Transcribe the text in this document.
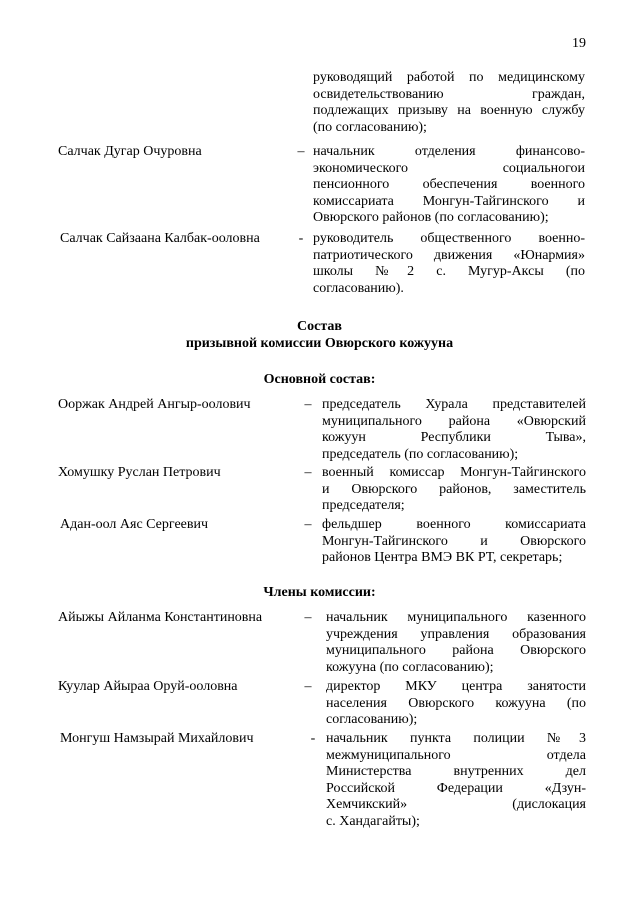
19
руководящий работой по медицинскому
освидетельствованию граждан,
подлежащих призыву на военную службу
(по согласованию);
Салчак Дугар Очуровна	– начальник отделения финансово-
экономического социальногои
пенсионного обеспечения военного
комиссариата Монгун-Тайгинского и
Овюрского районов (по согласованию);
Салчак Сайзаана Калбак-ооловна	- руководитель общественного военно-
патриотического движения «Юнармия»
школы №2 с. Мугур-Аксы (по
согласованию).
Состав
призывной комиссии Овюрского кожууна
Основной состав:
Ооржак Андрей Ангыр-оолович	– председатель Хурала представителей
муниципального района «Овюрский
кожуун Республики Тыва»,
председатель (по согласованию);
Хомушку Руслан Петрович	– военный комиссар Монгун-Тайгинского
и Овюрского районов, заместитель
председателя;
Адан-оол Аяс Сергеевич	– фельдшер военного комиссариата
Монгун-Тайгинского и Овюрского
районов Центра ВМЭ ВК РТ, секретарь;
Члены комиссии:
Айыжы Айланма Константиновна	– начальник муниципального казенного
учреждения управления образования
муниципального района Овюрского
кожууна (по согласованию);
Куулар Айыраа Оруй-ооловна	– директор МКУ центра занятости
населения Овюрского кожууна (по
согласованию);
Монгуш Намзырай Михайлович	- начальник пункта полиции №3
межмуниципального отдела
Министерства внутренних дел
Российской Федерации «Дзун-
Хемчикский» (дислокация
с. Хандагайты);
